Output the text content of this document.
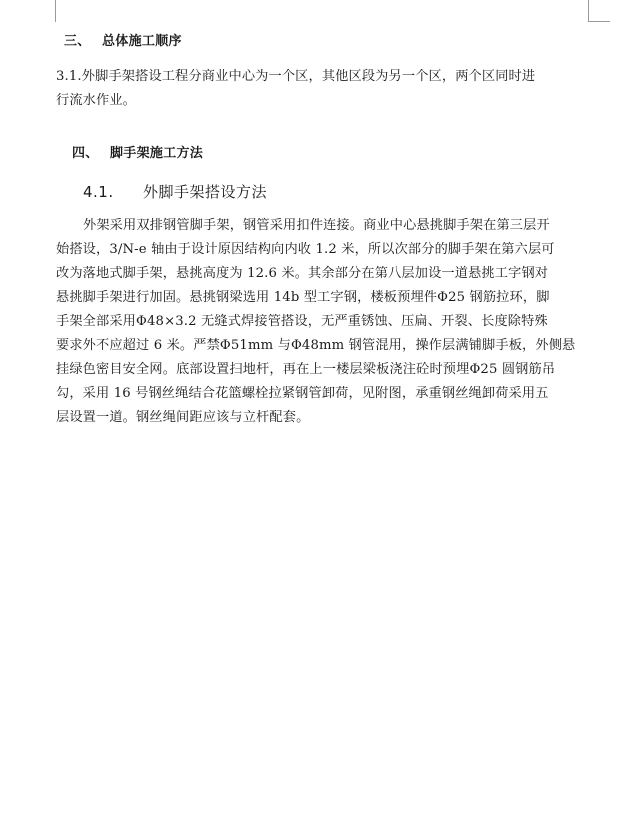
三、 总体施工顺序
3.1.外脚手架搭设工程分商业中心为一个区，其他区段为另一个区，两个区同时进
行流水作业。
四、 脚手架施工方法
4.1. 外脚手架搭设方法
外架采用双排钢管脚手架，钢管采用扣件连接。商业中心悬挑脚手架在第三层开
始搭设，3/N-e 轴由于设计原因结构向内收 1.2 米，所以次部分的脚手架在第六层可
改为落地式脚手架，悬挑高度为 12.6 米。其余部分在第八层加设一道悬挑工字钢对
悬挑脚手架进行加固。悬挑钢梁选用 14b 型工字钢，楼板预埋件Φ25 钢筋拉环，脚
手架全部采用Φ48×3.2 无缝式焊接管搭设，无严重锈蚀、压扁、开裂、长度除特殊
要求外不应超过 6 米。严禁Φ51mm 与Φ48mm 钢管混用，操作层满铺脚手板，外侧悬
挂绿色密目安全网。底部设置扫地杆，再在上一楼层梁板浇注砼时预埋Φ25 圆钢筋吊
勾，采用 16 号钢丝绳结合花篮螺栓拉紧钢管卸荷，见附图，承重钢丝绳卸荷采用五
层设置一道。钢丝绳间距应该与立杆配套。
